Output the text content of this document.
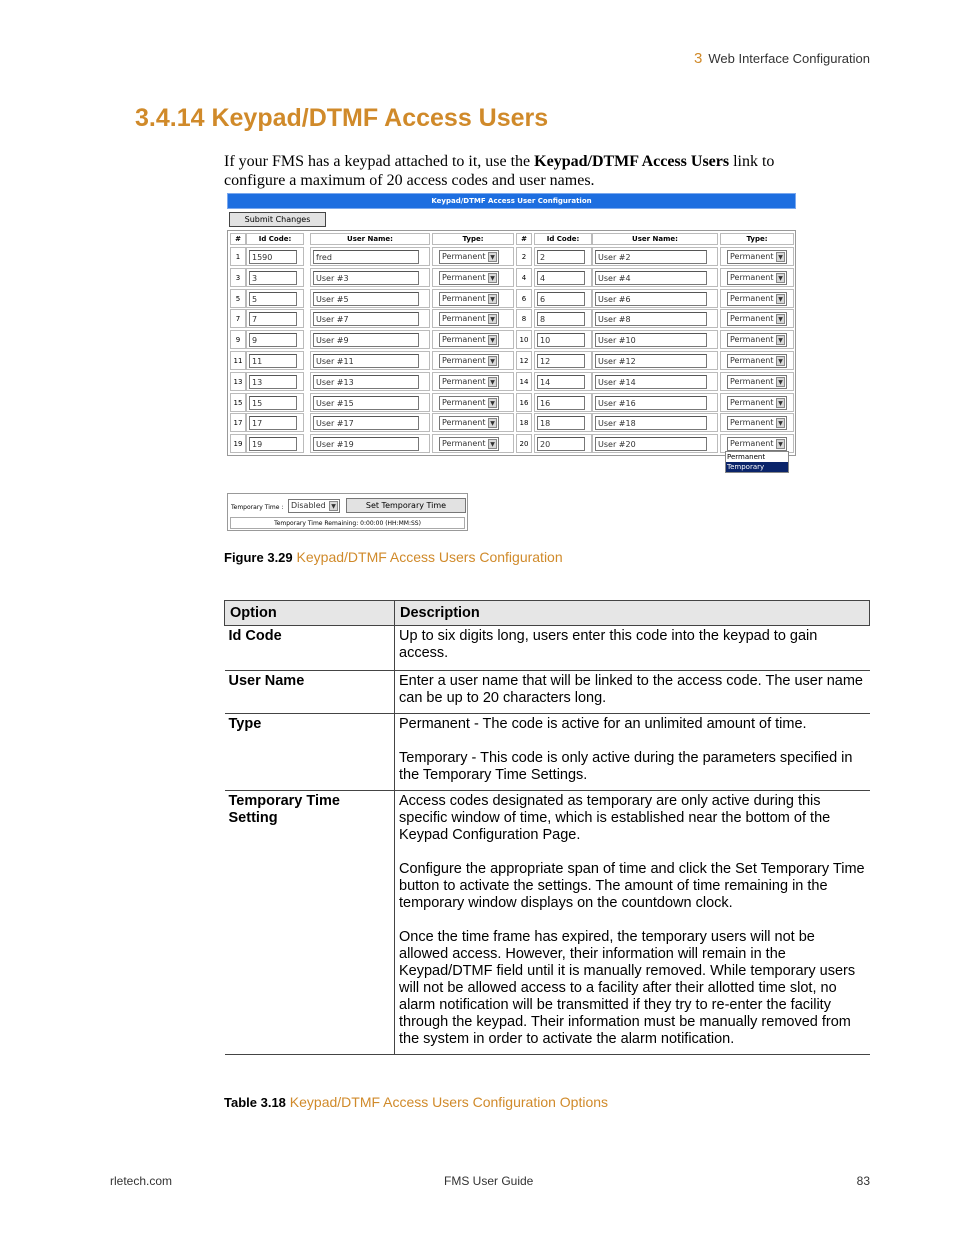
3 Web Interface Configuration
3.4.14 Keypad/DTMF Access Users

If your FMS has a keypad attached to it, use the Keypad/DTMF Access Users link to configure a maximum of 20 access codes and user names.

Keypad/DTMF Access User Configuration
Submit Changes
#	Id Code:	User Name:	Type:	#	Id Code:	User Name:	Type:
1	1590	fred	Permanent ▼	2	2	User #2	Permanent ▼
3	3	User #3	Permanent ▼	4	4	User #4	Permanent ▼
5	5	User #5	Permanent ▼	6	6	User #6	Permanent ▼
7	7	User #7	Permanent ▼	8	8	User #8	Permanent ▼
9	9	User #9	Permanent ▼	10	10	User #10	Permanent ▼
11	11	User #11	Permanent ▼	12	12	User #12	Permanent ▼
13	13	User #13	Permanent ▼	14	14	User #14	Permanent ▼
15	15	User #15	Permanent ▼	16	16	User #16	Permanent ▼
17	17	User #17	Permanent ▼	18	18	User #18	Permanent ▼
19	19	User #19	Permanent ▼	20	20	User #20	Permanent ▼
Permanent
Temporary
Temporary Time : Disabled ▼	Set Temporary Time
Temporary Time Remaining: 0:00:00 (HH:MM:SS)
Figure 3.29 Keypad/DTMF Access Users Configuration
Option	Description
Id Code	Up to six digits long, users enter this code into the keypad to gain access.

User Name	Enter a user name that will be linked to the access code. The user name can be up to 20 characters long.

Type	Permanent - The code is active for an unlimited amount of time.

Temporary - This code is only active during the parameters specified in the Temporary Time Settings.

Temporary Time Setting	Access codes designated as temporary are only active during this specific window of time, which is established near the bottom of the Keypad Configuration Page.

Configure the appropriate span of time and click the Set Temporary Time button to activate the settings. The amount of time remaining in the temporary window displays on the countdown clock.

Once the time frame has expired, the temporary users will not be allowed access. However, their information will remain in the Keypad/DTMF field until it is manually removed. While temporary users will not be allowed access to a facility after their allotted time slot, no alarm notification will be transmitted if they try to re-enter the facility through the keypad. Their information must be manually removed from the system in order to activate the alarm notification.

Table 3.18 Keypad/DTMF Access Users Configuration Options
rletech.com	FMS User Guide	83
